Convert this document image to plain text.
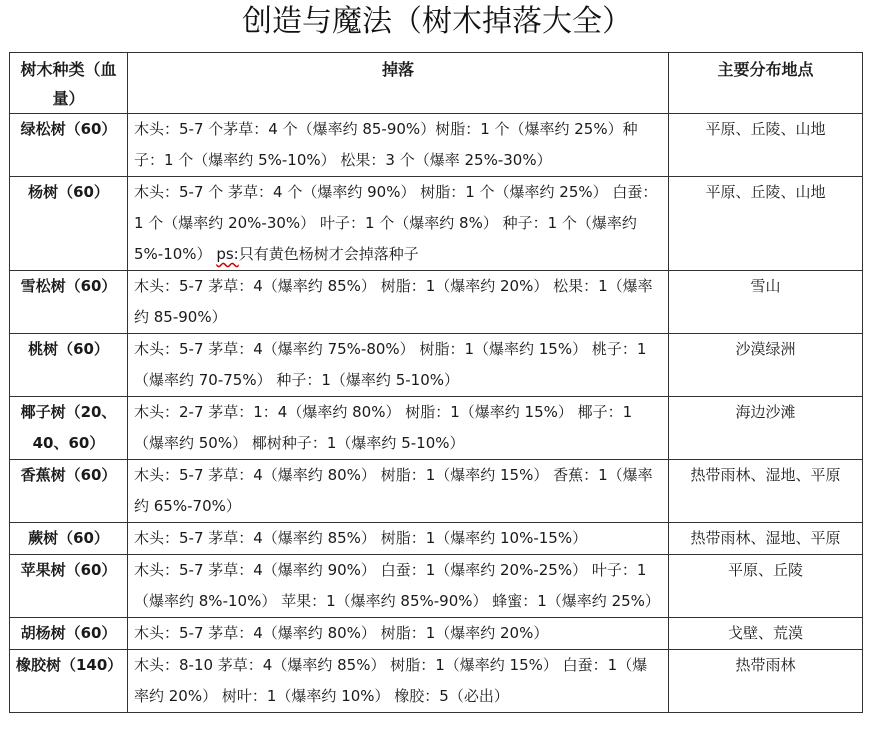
创造与魔法（树木掉落大全）
树木种类（血量）	掉落	主要分布地点
绿松树（60）	木头：5-7 个茅草：4 个（爆率约 85-90%）树脂：1 个（爆率约 25%）种子：1 个（爆率约 5%-10%） 松果：3 个（爆率 25%-30%）	平原、丘陵、山地
杨树（60）	木头：5-7 个 茅草：4 个（爆率约 90%） 树脂：1 个（爆率约 25%） 白蚕：1 个（爆率约 20%-30%） 叶子：1 个（爆率约 8%） 种子：1 个（爆率约 5%-10%） ps:只有黄色杨树才会掉落种子	平原、丘陵、山地
雪松树（60）	木头：5-7 茅草：4（爆率约 85%） 树脂：1（爆率约 20%） 松果：1（爆率约 85-90%）	雪山
桃树（60）	木头：5-7 茅草：4（爆率约 75%-80%） 树脂：1（爆率约 15%） 桃子：1（爆率约 70-75%） 种子：1（爆率约 5-10%）	沙漠绿洲
椰子树（20、40、60）	木头：2-7 茅草：1：4（爆率约 80%） 树脂：1（爆率约 15%） 椰子：1（爆率约 50%） 椰树种子：1（爆率约 5-10%）	海边沙滩
香蕉树（60）	木头：5-7 茅草：4（爆率约 80%） 树脂：1（爆率约 15%） 香蕉：1（爆率约 65%-70%）	热带雨林、湿地、平原
蕨树（60）	木头：5-7 茅草：4（爆率约 85%） 树脂：1（爆率约 10%-15%）	热带雨林、湿地、平原
苹果树（60）	木头：5-7 茅草：4（爆率约 90%） 白蚕：1（爆率约 20%-25%） 叶子：1（爆率约 8%-10%） 苹果：1（爆率约 85%-90%） 蜂蜜：1（爆率约 25%）	平原、丘陵
胡杨树（60）	木头：5-7 茅草：4（爆率约 80%） 树脂：1（爆率约 20%）	戈壁、荒漠
橡胶树（140）	木头：8-10 茅草：4（爆率约 85%） 树脂：1（爆率约 15%） 白蚕：1（爆率约 20%） 树叶：1（爆率约 10%） 橡胶：5（必出）	热带雨林
